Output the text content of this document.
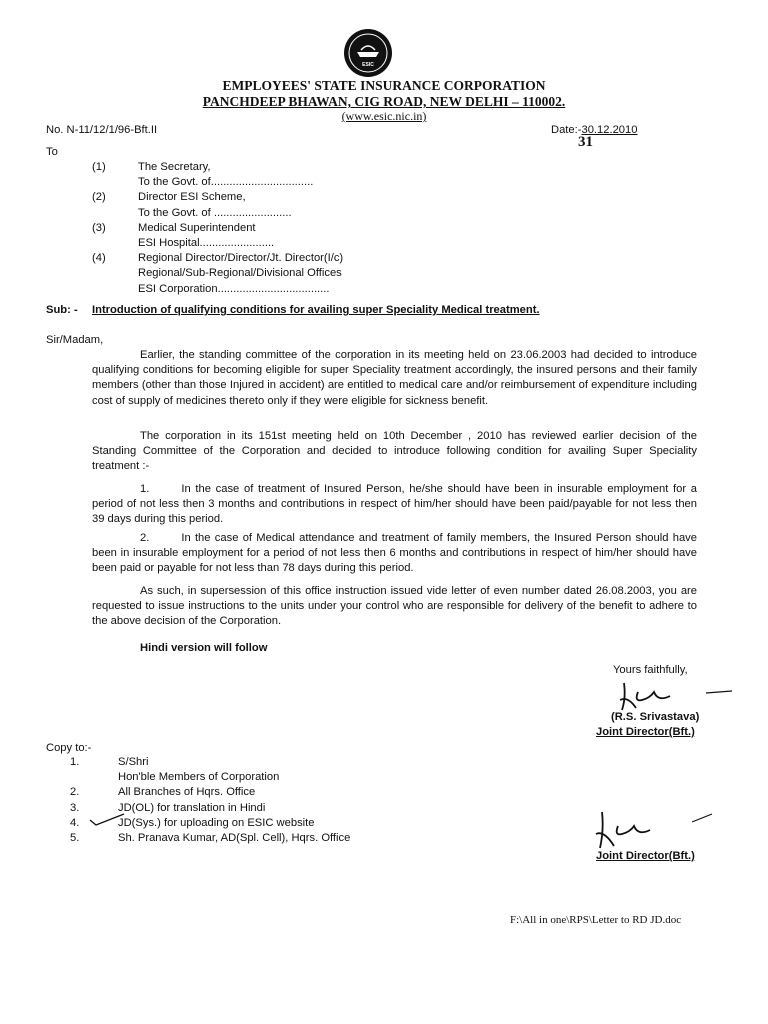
ESIC
EMPLOYEES' STATE INSURANCE CORPORATION
PANCHDEEP BHAWAN, CIG ROAD, NEW DELHI – 110002.
(www.esic.nic.in)
No. N-11/12/1/96-Bft.II	Date:-30.12.2010
31
To
(1)	The Secretary,
To the Govt. of.................................
(2)	Director ESI Scheme,
To the Govt. of .........................
(3)	Medical Superintendent
ESI Hospital........................
(4)	Regional Director/Director/Jt. Director(I/c)
Regional/Sub-Regional/Divisional Offices
ESI Corporation....................................
Sub: - Introduction of qualifying conditions for availing super Speciality Medical treatment.
Sir/Madam,
Earlier, the standing committee of the corporation in its meeting held on 23.06.2003 had decided to introduce qualifying conditions for becoming eligible for super Speciality treatment accordingly, the insured persons and their family members (other than those Injured in accident) are entitled to medical care and/or reimbursement of expenditure including cost of supply of medicines thereto only if they were eligible for sickness benefit.
The corporation in its 151st meeting held on 10th December , 2010 has reviewed earlier decision of the Standing Committee of the Corporation and decided to introduce following condition for availing Super Speciality treatment :-
1.	In the case of treatment of Insured Person, he/she should have been in insurable employment for a period of not less then 3 months and contributions in respect of him/her should have been paid/payable for not less then 39 days during this period.
2.	In the case of Medical attendance and treatment of family members, the Insured Person should have been in insurable employment for a period of not less then 6 months and contributions in respect of him/her should have been paid or payable for not less than 78 days during this period.
As such, in supersession of this office instruction issued vide letter of even number dated 26.08.2003, you are requested to issue instructions to the units under your control who are responsible for delivery of the benefit to adhere to the above decision of the Corporation.
Hindi version will follow
Yours faithfully,
(R.S. Srivastava)
Joint Director(Bft.)
Copy to:-
1.	S/Shri
Hon'ble Members of Corporation
2.	All Branches of Hqrs. Office
3.	JD(OL) for translation in Hindi
4.	JD(Sys.) for uploading on ESIC website
5.	Sh. Pranava Kumar, AD(Spl. Cell), Hqrs. Office
Joint Director(Bft.)
F:\All in one\RPS\Letter to RD JD.doc
